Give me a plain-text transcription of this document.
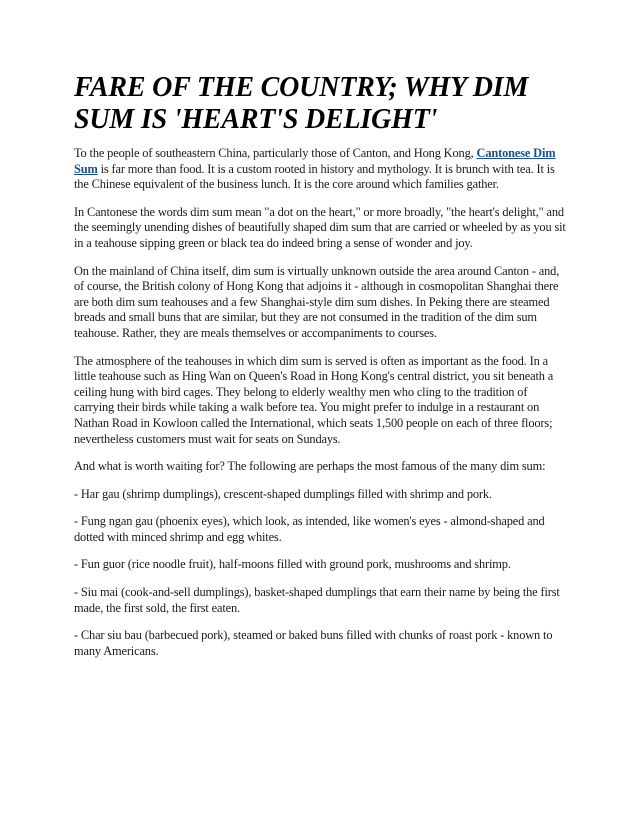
FARE OF THE COUNTRY; WHY DIM SUM IS 'HEART'S DELIGHT'

To the people of southeastern China, particularly those of Canton, and Hong Kong, Cantonese Dim Sum is far more than food. It is a custom rooted in history and mythology. It is brunch with tea. It is the Chinese equivalent of the business lunch. It is the core around which families gather.

In Cantonese the words dim sum mean "a dot on the heart," or more broadly, "the heart's delight," and the seemingly unending dishes of beautifully shaped dim sum that are carried or wheeled by as you sit in a teahouse sipping green or black tea do indeed bring a sense of wonder and joy.

On the mainland of China itself, dim sum is virtually unknown outside the area around Canton - and, of course, the British colony of Hong Kong that adjoins it - although in cosmopolitan Shanghai there are both dim sum teahouses and a few Shanghai-style dim sum dishes. In Peking there are steamed breads and small buns that are similar, but they are not consumed in the tradition of the dim sum teahouse. Rather, they are meals themselves or accompaniments to courses.

The atmosphere of the teahouses in which dim sum is served is often as important as the food. In a little teahouse such as Hing Wan on Queen's Road in Hong Kong's central district, you sit beneath a ceiling hung with bird cages. They belong to elderly wealthy men who cling to the tradition of carrying their birds while taking a walk before tea. You might prefer to indulge in a restaurant on Nathan Road in Kowloon called the International, which seats 1,500 people on each of three floors; nevertheless customers must wait for seats on Sundays.

And what is worth waiting for? The following are perhaps the most famous of the many dim sum:

- Har gau (shrimp dumplings), crescent-shaped dumplings filled with shrimp and pork.

- Fung ngan gau (phoenix eyes), which look, as intended, like women's eyes - almond-shaped and dotted with minced shrimp and egg whites.

- Fun guor (rice noodle fruit), half-moons filled with ground pork, mushrooms and shrimp.

- Siu mai (cook-and-sell dumplings), basket-shaped dumplings that earn their name by being the first made, the first sold, the first eaten.

- Char siu bau (barbecued pork), steamed or baked buns filled with chunks of roast pork - known to many Americans.
